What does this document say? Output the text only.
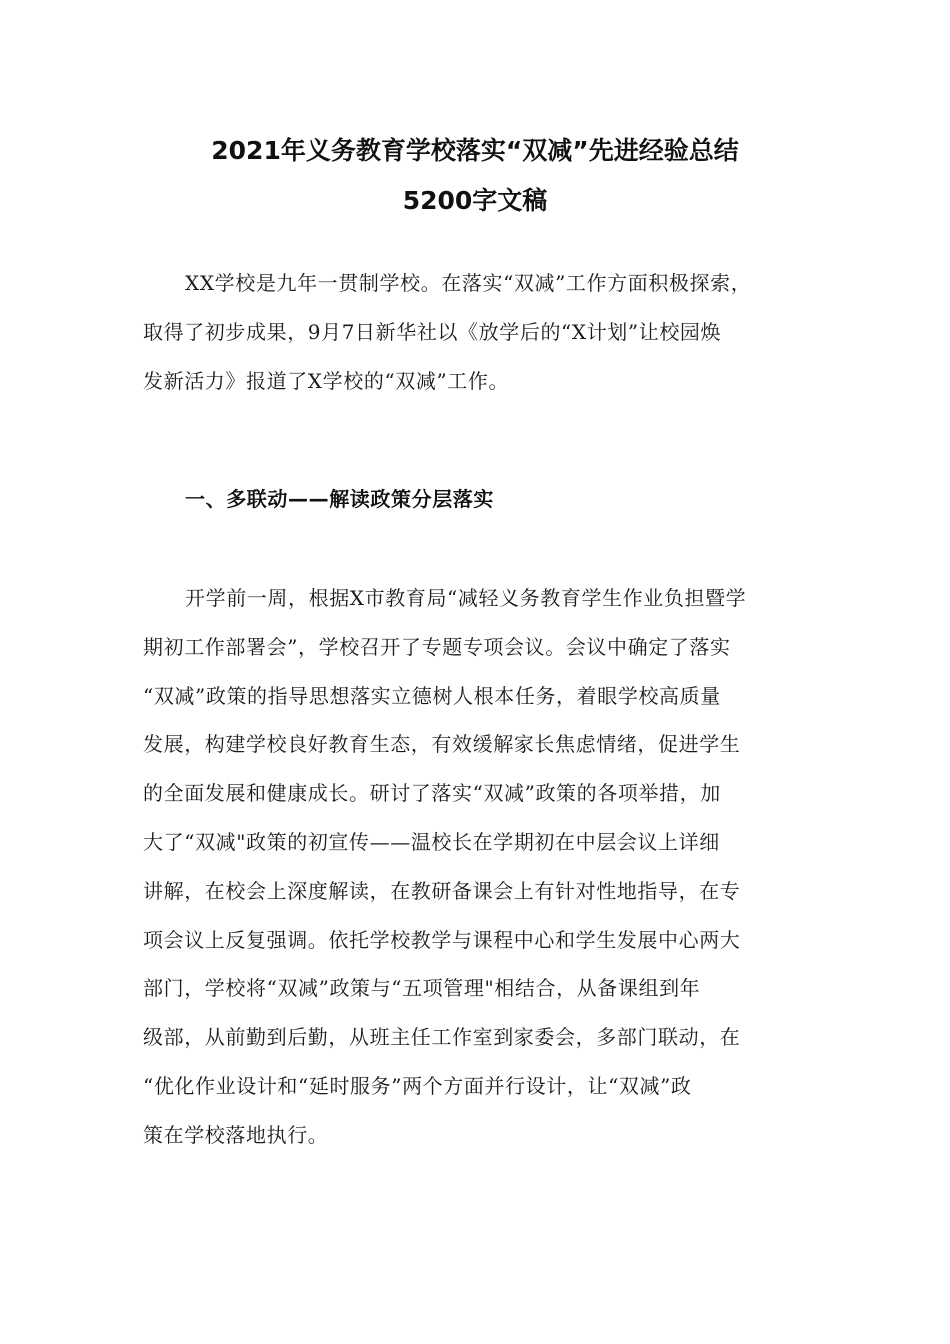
2021年义务教育学校落实“双减”先进经验总结
5200字文稿

XX学校是九年一贯制学校。在落实“双减”工作方面积极探索，
取得了初步成果，9月7日新华社以《放学后的“X计划”让校园焕
发新活力》报道了X学校的“双减”工作。

一、多联动——解读政策分层落实

开学前一周，根据X市教育局“减轻义务教育学生作业负担暨学
期初工作部署会”，学校召开了专题专项会议。会议中确定了落实
“双减”政策的指导思想落实立德树人根本任务，着眼学校高质量
发展，构建学校良好教育生态，有效缓解家长焦虑情绪，促进学生
的全面发展和健康成长。研讨了落实“双减”政策的各项举措，加
大了“双减"政策的初宣传——温校长在学期初在中层会议上详细
讲解，在校会上深度解读，在教研备课会上有针对性地指导，在专
项会议上反复强调。依托学校教学与课程中心和学生发展中心两大
部门，学校将“双减”政策与“五项管理"相结合，从备课组到年
级部，从前勤到后勤，从班主任工作室到家委会，多部门联动，在
“优化作业设计和“延时服务”两个方面并行设计，让“双减”政
策在学校落地执行。
